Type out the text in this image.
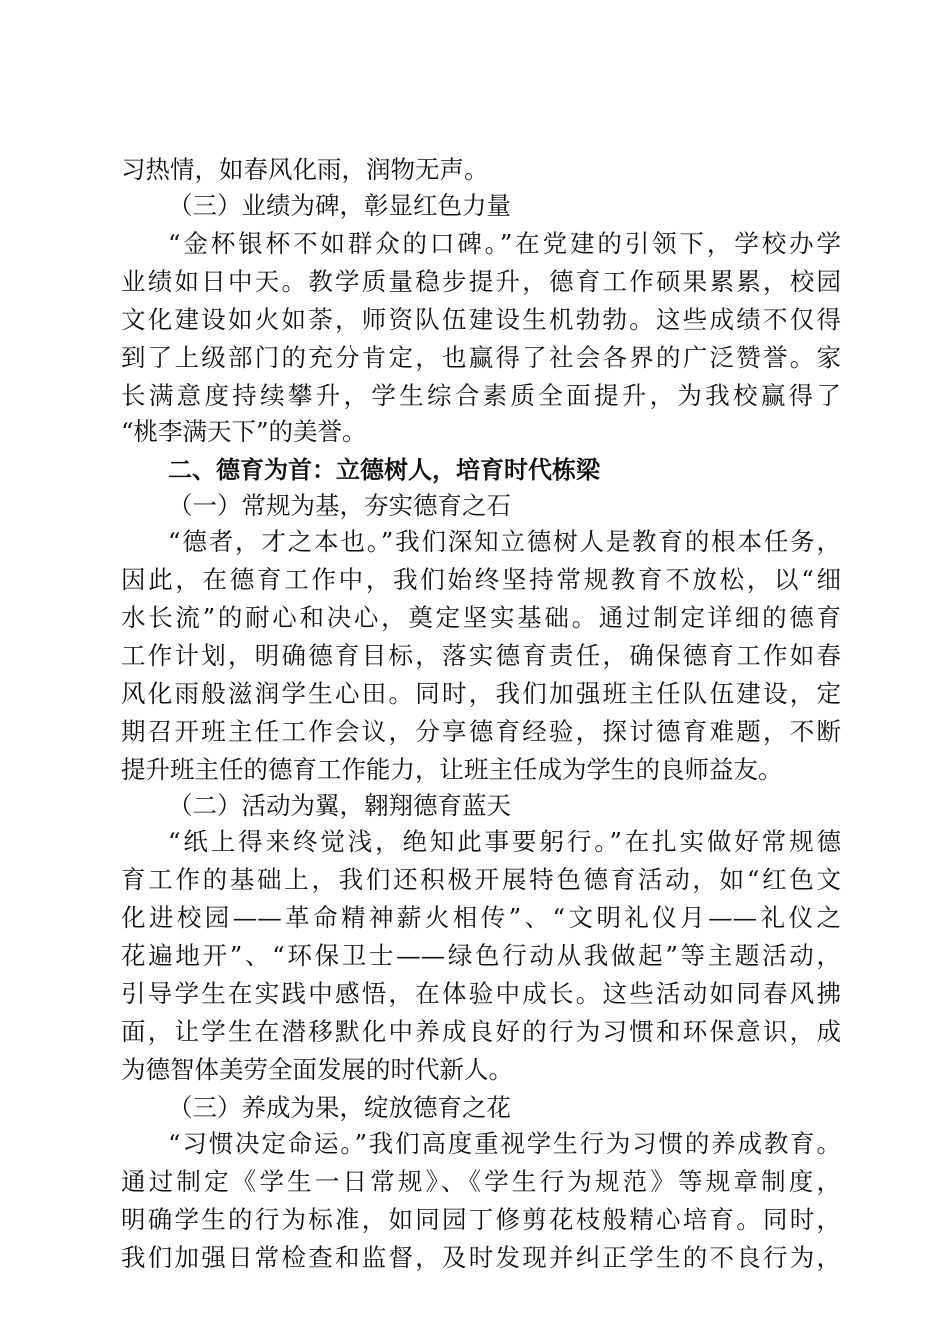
习热情，如春风化雨，润物无声。
（三）业绩为碑，彰显红色力量
“金杯银杯不如群众的口碑。”在党建的引领下，学校办学
业绩如日中天。教学质量稳步提升，德育工作硕果累累，校园
文化建设如火如荼，师资队伍建设生机勃勃。这些成绩不仅得
到了上级部门的充分肯定，也赢得了社会各界的广泛赞誉。家
长满意度持续攀升，学生综合素质全面提升，为我校赢得了
“桃李满天下”的美誉。
二、德育为首：立德树人，培育时代栋梁
（一）常规为基，夯实德育之石
“德者，才之本也。”我们深知立德树人是教育的根本任务，
因此，在德育工作中，我们始终坚持常规教育不放松，以“细
水长流”的耐心和决心，奠定坚实基础。通过制定详细的德育
工作计划，明确德育目标，落实德育责任，确保德育工作如春
风化雨般滋润学生心田。同时，我们加强班主任队伍建设，定
期召开班主任工作会议，分享德育经验，探讨德育难题，不断
提升班主任的德育工作能力，让班主任成为学生的良师益友。
（二）活动为翼，翱翔德育蓝天
“纸上得来终觉浅，绝知此事要躬行。”在扎实做好常规德
育工作的基础上，我们还积极开展特色德育活动，如“红色文
化进校园——革命精神薪火相传”、“文明礼仪月——礼仪之
花遍地开”、“环保卫士——绿色行动从我做起”等主题活动，
引导学生在实践中感悟，在体验中成长。这些活动如同春风拂
面，让学生在潜移默化中养成良好的行为习惯和环保意识，成
为德智体美劳全面发展的时代新人。
（三）养成为果，绽放德育之花
“习惯决定命运。”我们高度重视学生行为习惯的养成教育。
通过制定《学生一日常规》、《学生行为规范》等规章制度，
明确学生的行为标准，如同园丁修剪花枝般精心培育。同时，
我们加强日常检查和监督，及时发现并纠正学生的不良行为，
